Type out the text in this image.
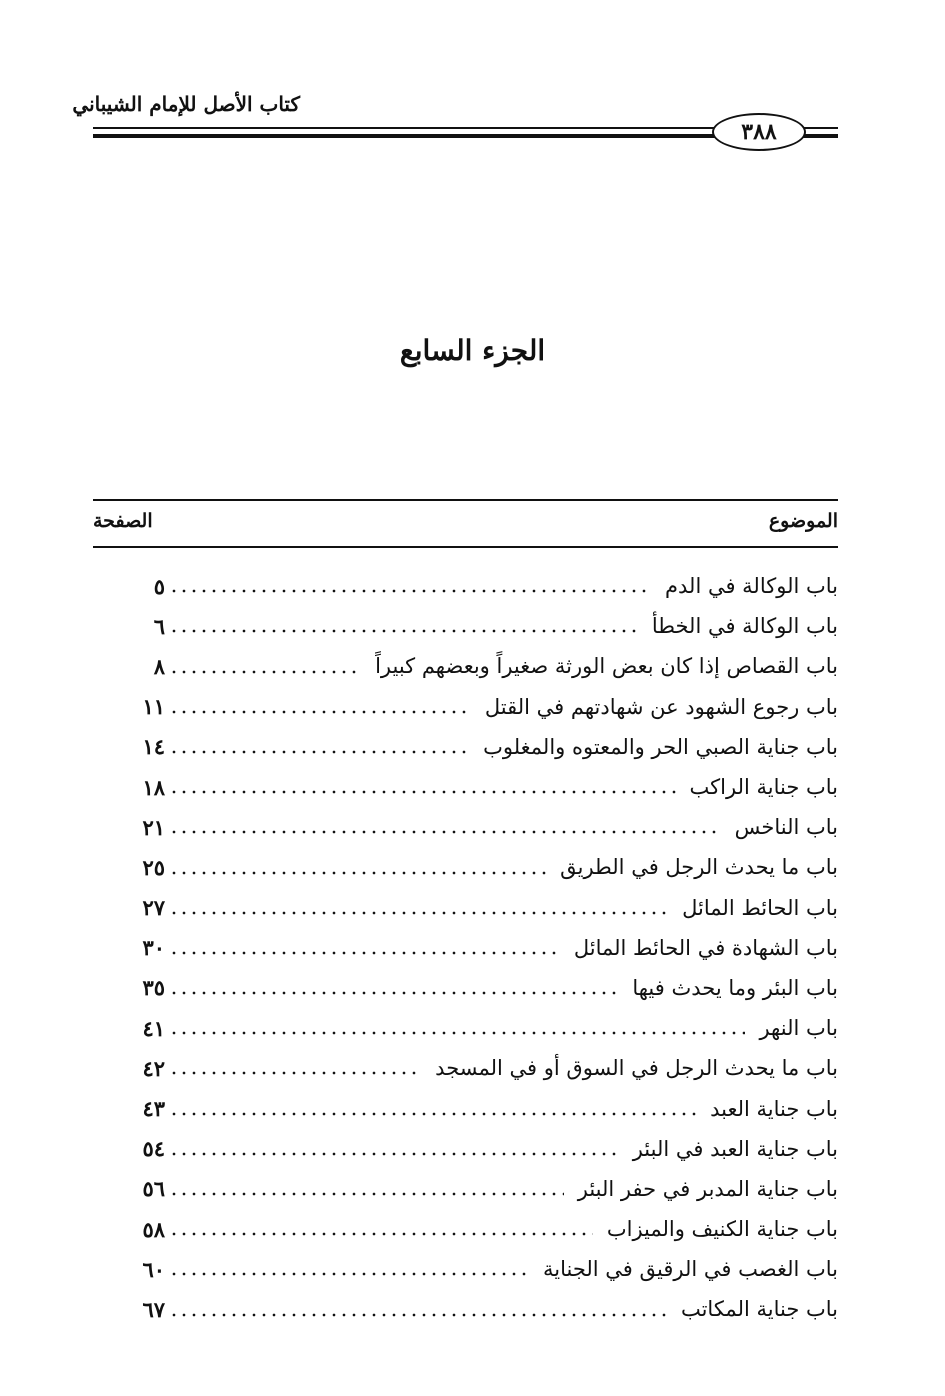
كتاب الأصل للإمام الشيباني
٣٨٨
الجزء السابع
الموضوع
الصفحة
باب الوكالة في الدم
٥
باب الوكالة في الخطأ
٦
باب القصاص إذا كان بعض الورثة صغيراً وبعضهم كبيراً
٨
باب رجوع الشهود عن شهادتهم في القتل
١١
باب جناية الصبي الحر والمعتوه والمغلوب
١٤
باب جناية الراكب
١٨
باب الناخس
٢١
باب ما يحدث الرجل في الطريق
٢٥
باب الحائط المائل
٢٧
باب الشهادة في الحائط المائل
٣٠
باب البئر وما يحدث فيها
٣٥
باب النهر
٤١
باب ما يحدث الرجل في السوق أو في المسجد
٤٢
باب جناية العبد
٤٣
باب جناية العبد في البئر
٥٤
باب جناية المدبر في حفر البئر
٥٦
باب جناية الكنيف والميزاب
٥٨
باب الغصب في الرقيق في الجناية
٦٠
باب جناية المكاتب
٦٧
